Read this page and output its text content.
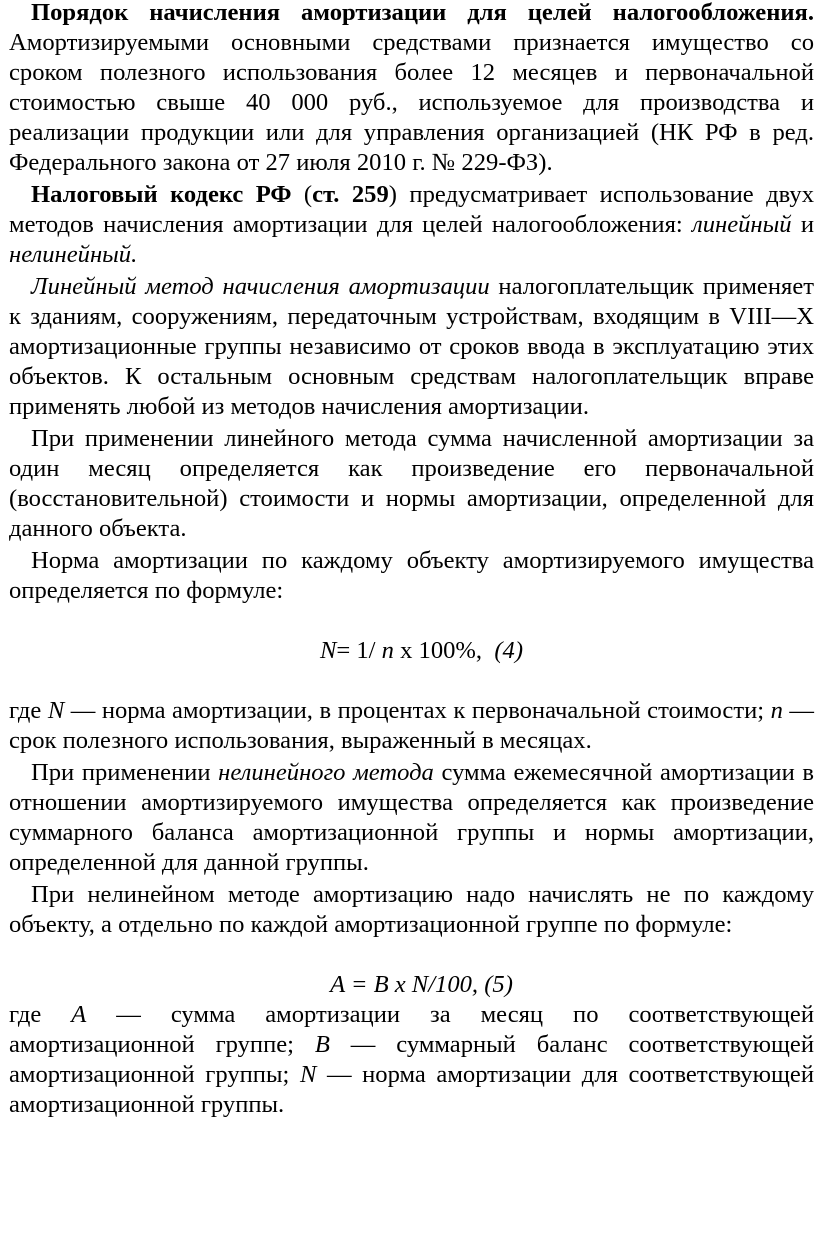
Порядок начисления амортизации для целей налогообложения. Амортизируемыми основными средствами признается имущество со сроком полезного использования более 12 месяцев и первоначальной стоимостью свыше 40 000 руб., используемое для производства и реализации продукции или для управления организацией (НК РФ в ред. Федерального закона от 27 июля 2010 г. № 229-ФЗ).

Налоговый кодекс РФ (ст. 259) предусматривает использование двух методов начисления амортизации для целей налогообложения: линейный и нелинейный.

Линейный метод начисления амортизации налогоплательщик применяет к зданиям, сооружениям, передаточным устройствам, входящим в VIII—X амортизационные группы независимо от сроков ввода в эксплуатацию этих объектов. К остальным основным средствам налогоплательщик вправе применять любой из методов начисления амортизации.

При применении линейного метода сумма начисленной амортизации за один месяц определяется как произведение его первоначальной (восстановительной) стоимости и нормы амортизации, определенной для данного объекта.

Норма амортизации по каждому объекту амортизируемого имущества определяется по формуле:

N= 1/ n x 100%, (4)

где N — норма амортизации, в процентах к первоначальной стоимости; n — срок полезного использования, выраженный в месяцах.

При применении нелинейного метода сумма ежемесячной амортизации в отношении амортизируемого имущества определяется как произведение суммарного баланса амортизационной группы и нормы амортизации, определенной для данной группы.

При нелинейном методе амортизацию надо начислять не по каждому объекту, а отдельно по каждой амортизационной группе по формуле:

A = B x N/100, (5)

где A — сумма амортизации за месяц по соответствующей амортизационной группе; B — суммарный баланс соответствующей амортизационной группы; N — норма амортизации для соответствующей амортизационной группы.
